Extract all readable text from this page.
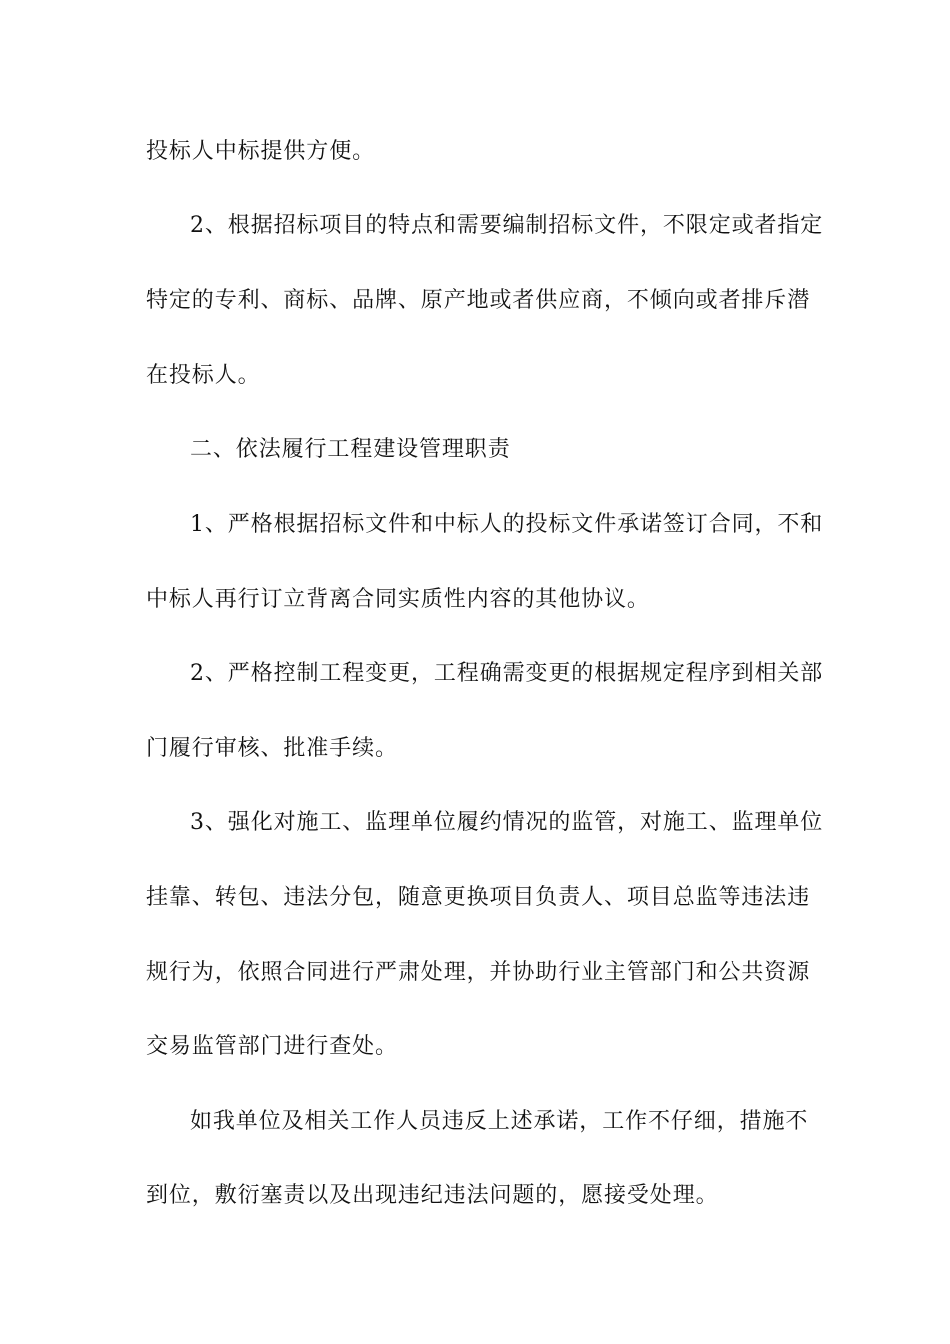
投标人中标提供方便。
2、根据招标项目的特点和需要编制招标文件，不限定或者指定
特定的专利、商标、品牌、原产地或者供应商，不倾向或者排斥潜
在投标人。
二、依法履行工程建设管理职责
1、严格根据招标文件和中标人的投标文件承诺签订合同，不和
中标人再行订立背离合同实质性内容的其他协议。
2、严格控制工程变更，工程确需变更的根据规定程序到相关部
门履行审核、批准手续。
3、强化对施工、监理单位履约情况的监管，对施工、监理单位
挂靠、转包、违法分包，随意更换项目负责人、项目总监等违法违
规行为，依照合同进行严肃处理，并协助行业主管部门和公共资源
交易监管部门进行查处。
如我单位及相关工作人员违反上述承诺，工作不仔细，措施不
到位，敷衍塞责以及出现违纪违法问题的，愿接受处理。
